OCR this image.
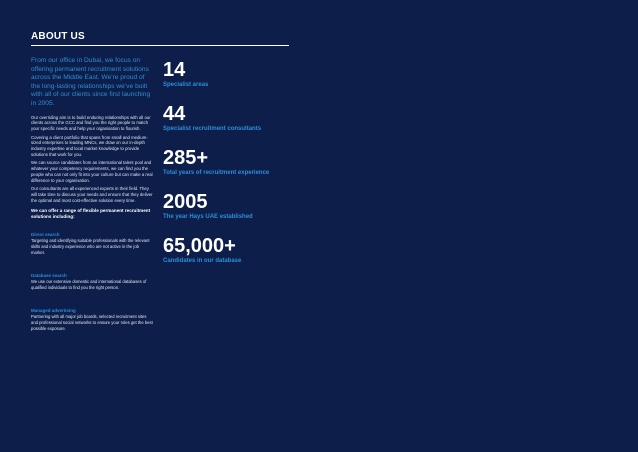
ABOUT US

From our office in Dubai, we focus on offering permanent recruitment solutions across the Middle East. We’re proud of the long-lasting relationships we’ve built with all of our clients since first launching in 2005.

Our overriding aim is to build enduring relationships with all our clients across the GCC and find you the right people to match your specific needs and help your organisation to flourish.

Covering a client portfolio that spans from small and medium-sized enterprises to leading MNCs, we draw on our in-depth industry expertise and local market knowledge to provide solutions that work for you.

We can source candidates from an international talent pool and whatever your competency requirements, we can find you the people who can not only fit into your culture but can make a real difference to your organisation.

Our consultants are all experienced experts in their field. They will take time to discuss your needs and ensure that they deliver the optimal and most cost-effective solution every time.

We can offer a range of flexible permanent recruitment solutions including:

Direct search
Targeting and identifying suitable professionals with the relevant skills and industry experience who are not active in the job market.
Database search
We use our extensive domestic and international databases of qualified individuals to find you the right person.
Managed advertising
Partnering with all major job boards, selected recruitment sites and professional social networks to ensure your roles get the best possible exposure.
14
Specialist areas
44
Specialist recruitment consultants
285+
Total years of recruitment experience
2005
The year Hays UAE established
65,000+
Candidates in our database
